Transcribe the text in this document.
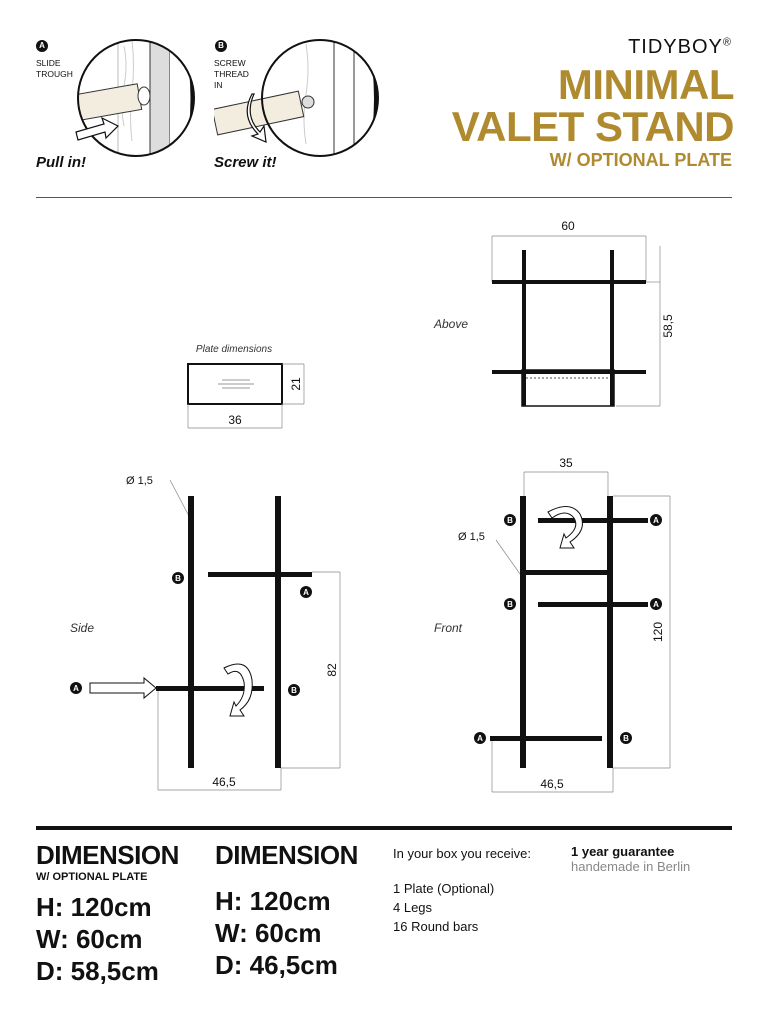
TIDYBOY®
MINIMAL
VALET STAND
W/ OPTIONAL PLATE
A
SLIDE
TROUGH
Pull in!
B
SCREW
THREAD
IN
Screw it!
Above
60
58,5
Plate dimensions
21
36
Side
Ø 1,5
B
A
A	B
82
46,5
Front
35
Ø 1,5
B	A
B	A
A	B
120
46,5
DIMENSION
W/ OPTIONAL PLATE
H: 120cm
W: 60cm
D: 58,5cm
DIMENSION
H: 120cm
W: 60cm
D: 46,5cm
In your box you receive:
1 Plate (Optional)
4 Legs
16 Round bars
1 year guarantee
handemade in Berlin
